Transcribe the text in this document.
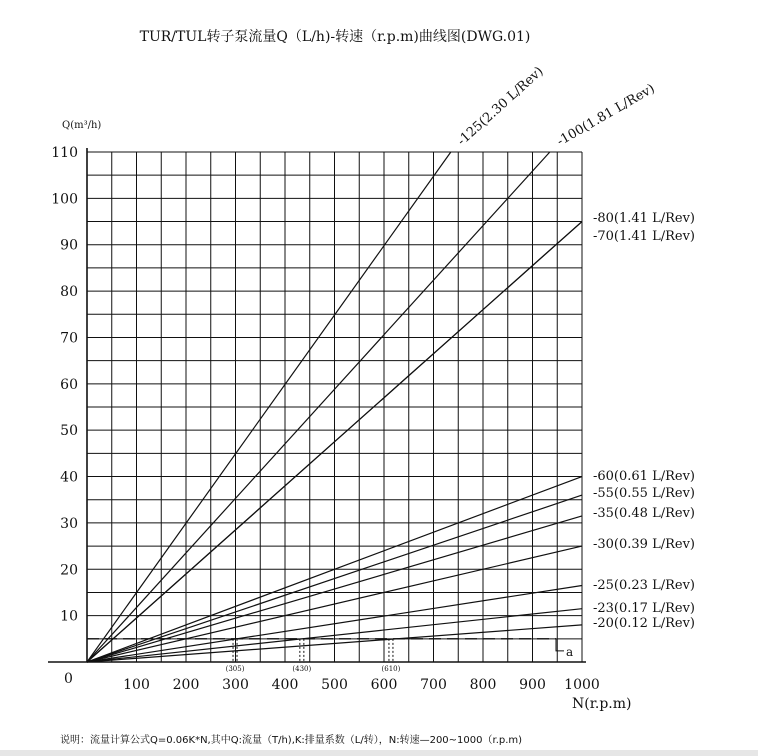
TUR/TUL转子泵流量Q（L/h)-转速（r.p.m)曲线图(DWG.01)
-125(2.30 L/Rev) -100(1.81 L/Rev)
-80(1.41 L/Rev)
-70(1.41 L/Rev)
-60(0.61 L/Rev)
-55(0.55 L/Rev)
-35(0.48 L/Rev)
-30(0.39 L/Rev)
-25(0.23 L/Rev)
-23(0.17 L/Rev)
-20(0.12 L/Rev)
10
20
30
40
50
60
70
80
90
100
110
100 200 300 400 500 600 700 800 900 1000
a
(305)	(430)	(610)
Q(m³/h)
N(r.p.m)
0
说明：流量计算公式Q=0.06K*N,其中Q:流量（T/h),K:排量系数（L/转），N:转速—200~1000（r.p.m)
